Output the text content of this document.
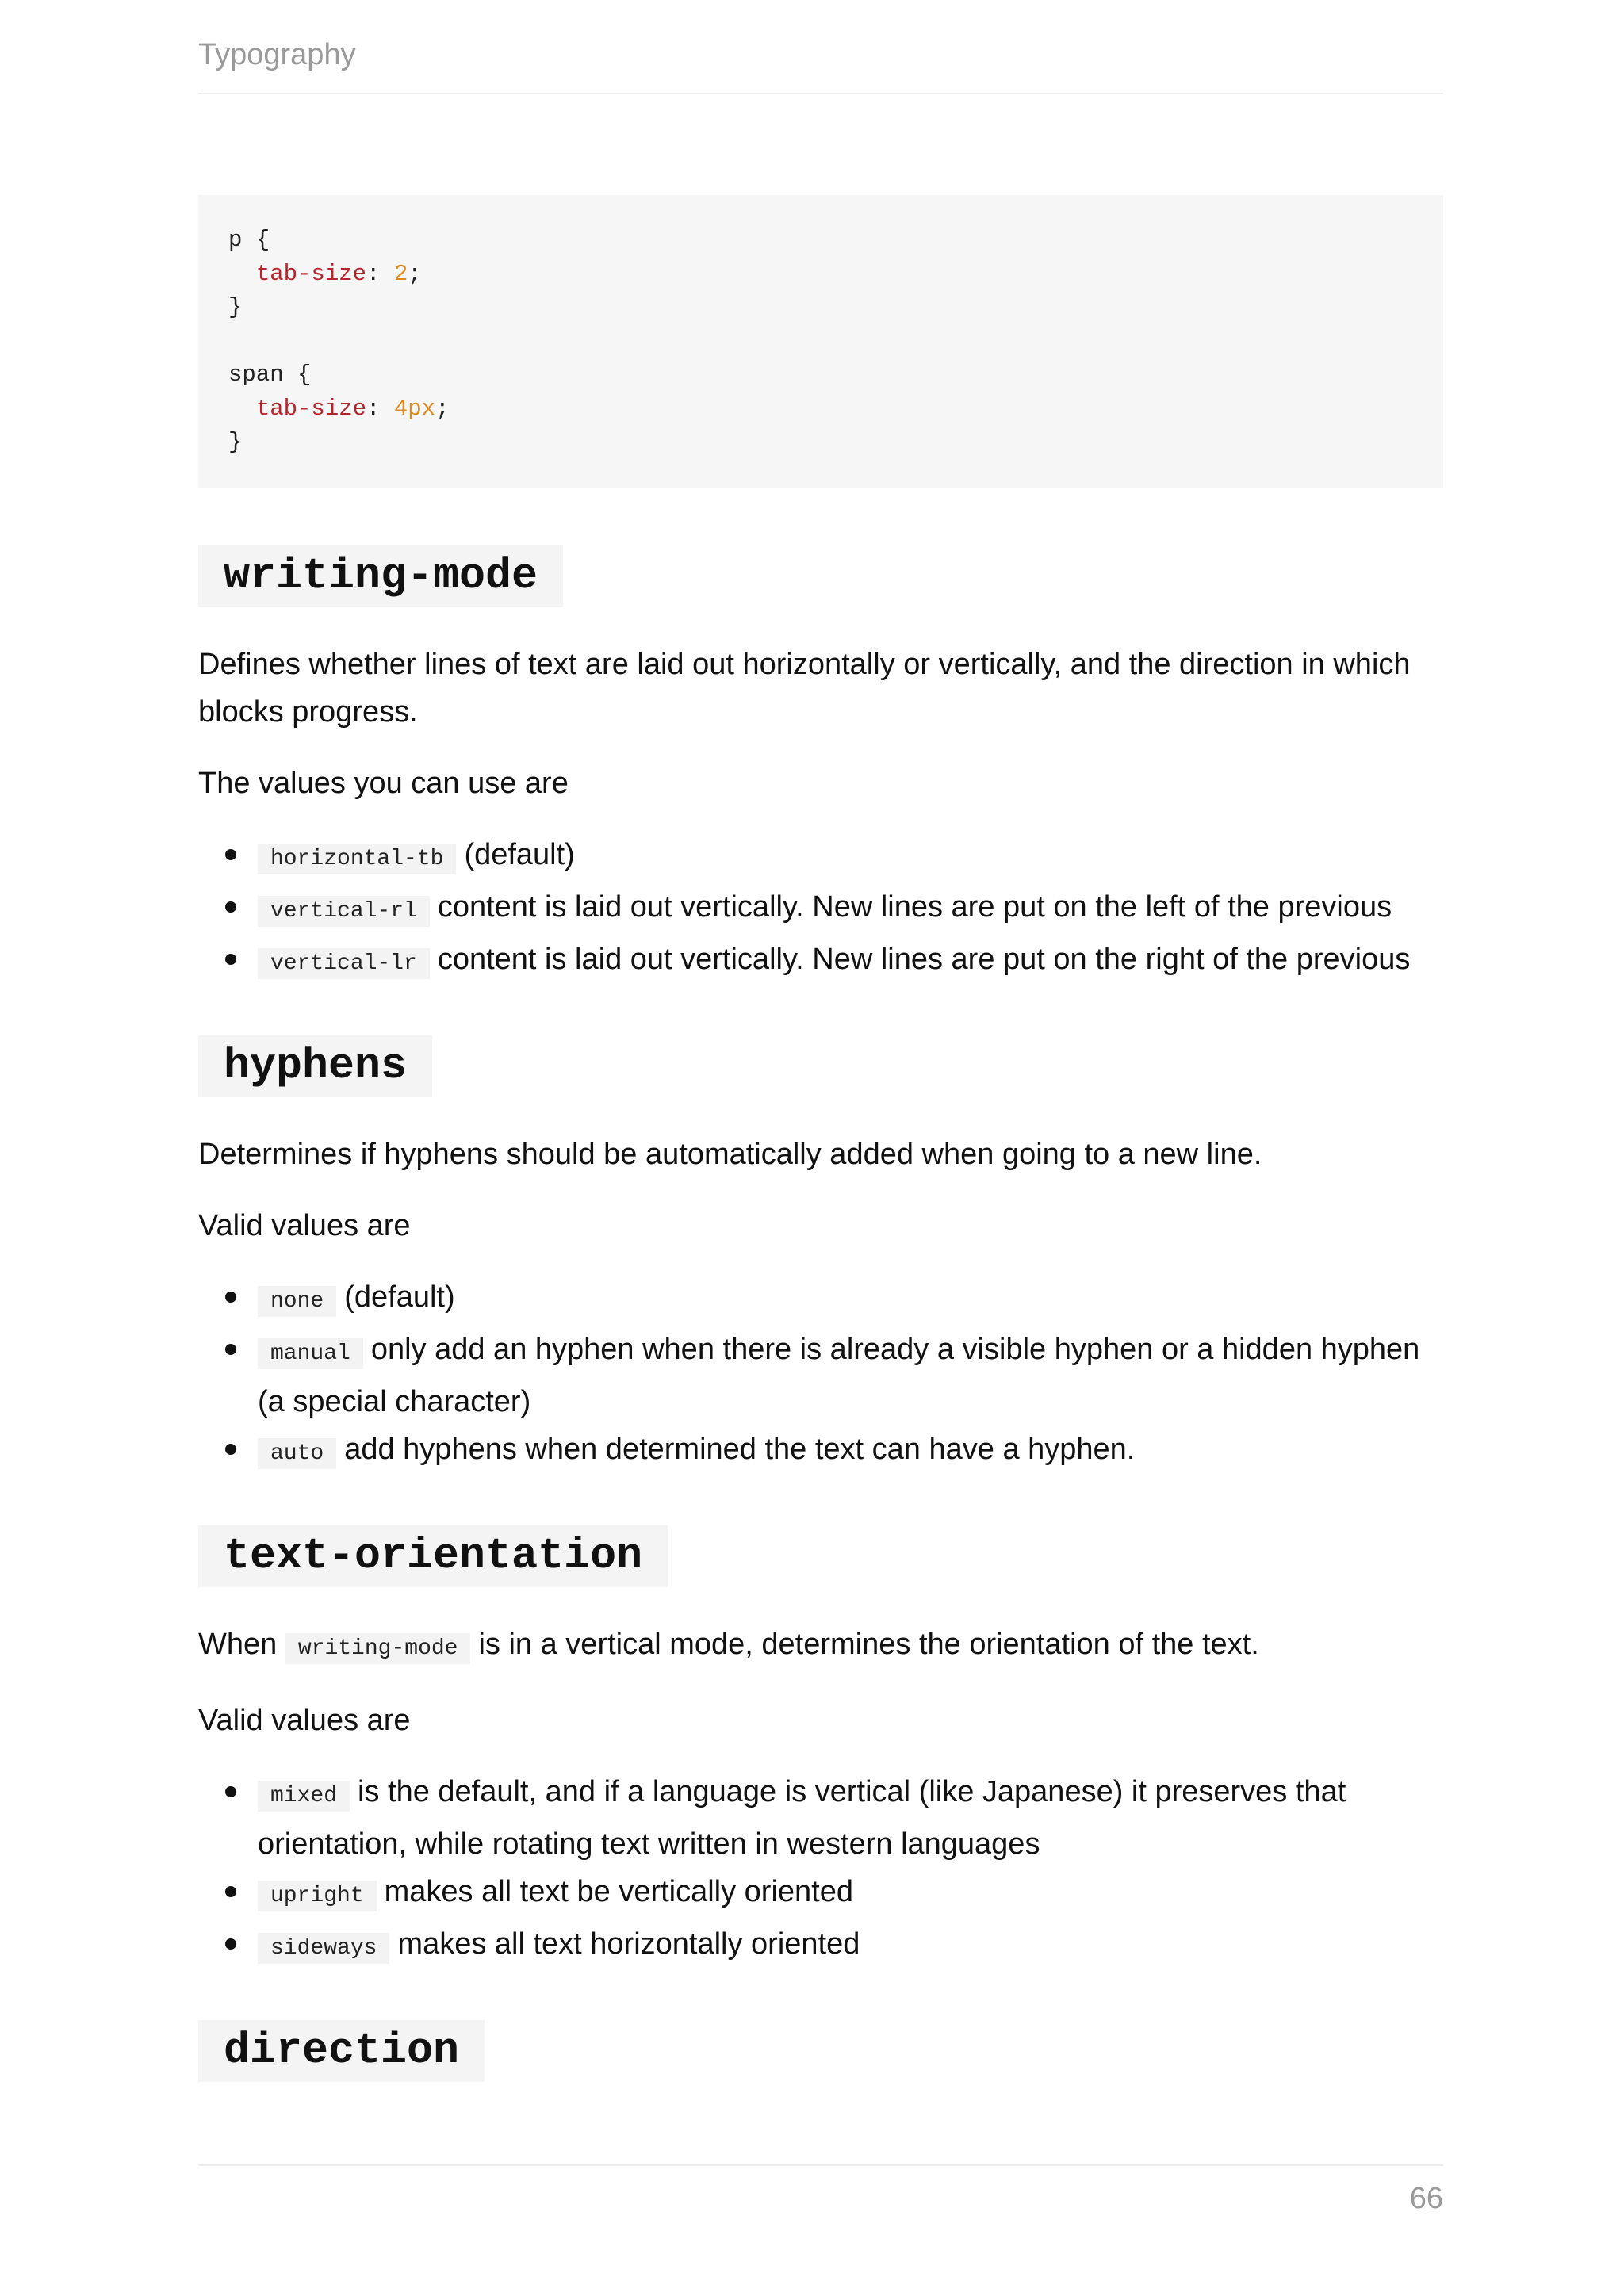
Typography
p {
tab-size: 2;
}
span {
tab-size: 4px;
}
writing-mode

Defines whether lines of text are laid out horizontally or vertically, and the direction in which blocks progress.

The values you can use are

horizontal-tb (default)
vertical-rl content is laid out vertically. New lines are put on the left of the previous
vertical-lr content is laid out vertically. New lines are put on the right of the previous
hyphens

Determines if hyphens should be automatically added when going to a new line.

Valid values are

none (default)
manual only add an hyphen when there is already a visible hyphen or a hidden hyphen (a special character)
auto add hyphens when determined the text can have a hyphen.
text-orientation

When writing-mode is in a vertical mode, determines the orientation of the text.

Valid values are

mixed is the default, and if a language is vertical (like Japanese) it preserves that orientation, while rotating text written in western languages
upright makes all text be vertically oriented
sideways makes all text horizontally oriented
direction
66
